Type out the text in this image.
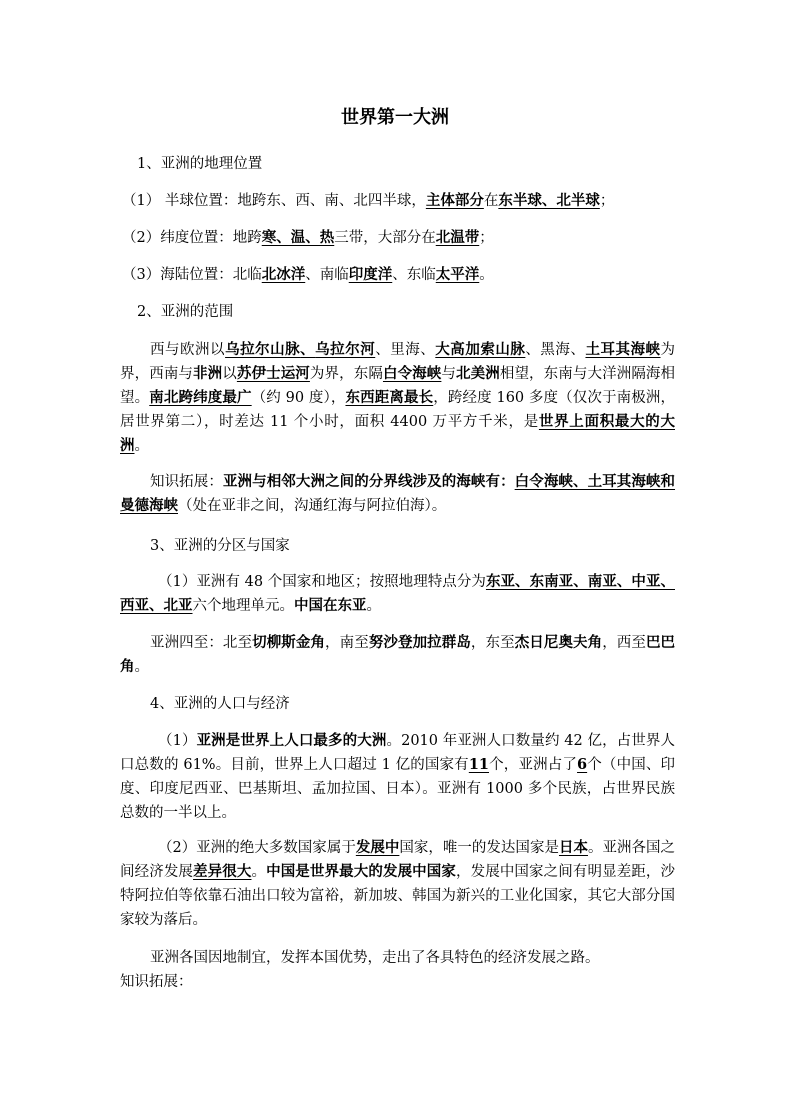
世界第一大洲
1、亚洲的地理位置
（1） 半球位置：地跨东、西、南、北四半球，主体部分在东半球、北半球；
（2）纬度位置：地跨寒、温、热三带，大部分在北温带；
（3）海陆位置：北临北冰洋、南临印度洋、东临太平洋。
2、亚洲的范围
西与欧洲以乌拉尔山脉、乌拉尔河、里海、大高加索山脉、黑海、土耳其海峡为界，西南与非洲以苏伊士运河为界，东隔白令海峡与北美洲相望，东南与大洋洲隔海相望。南北跨纬度最广（约 90 度），东西距离最长，跨经度 160 多度（仅次于南极洲，居世界第二），时差达 11 个小时，面积 4400 万平方千米，是世界上面积最大的大洲。
知识拓展：亚洲与相邻大洲之间的分界线涉及的海峡有：白令海峡、土耳其海峡和曼德海峡（处在亚非之间，沟通红海与阿拉伯海）。
3、亚洲的分区与国家
（1）亚洲有 48 个国家和地区；按照地理特点分为东亚、东南亚、南亚、中亚、西亚、北亚六个地理单元。中国在东亚。
亚洲四至：北至切柳斯金角，南至努沙登加拉群岛，东至杰日尼奥夫角，西至巴巴角。
4、亚洲的人口与经济
（1）亚洲是世界上人口最多的大洲。2010 年亚洲人口数量约 42 亿，占世界人口总数的 61%。目前，世界上人口超过 1 亿的国家有11个，亚洲占了6个（中国、印度、印度尼西亚、巴基斯坦、孟加拉国、日本）。亚洲有 1000 多个民族，占世界民族总数的一半以上。
（2）亚洲的绝大多数国家属于发展中国家，唯一的发达国家是日本。亚洲各国之间经济发展差异很大。中国是世界最大的发展中国家，发展中国家之间有明显差距，沙特阿拉伯等依靠石油出口较为富裕，新加坡、韩国为新兴的工业化国家，其它大部分国家较为落后。
亚洲各国因地制宜，发挥本国优势，走出了各具特色的经济发展之路。
知识拓展：
